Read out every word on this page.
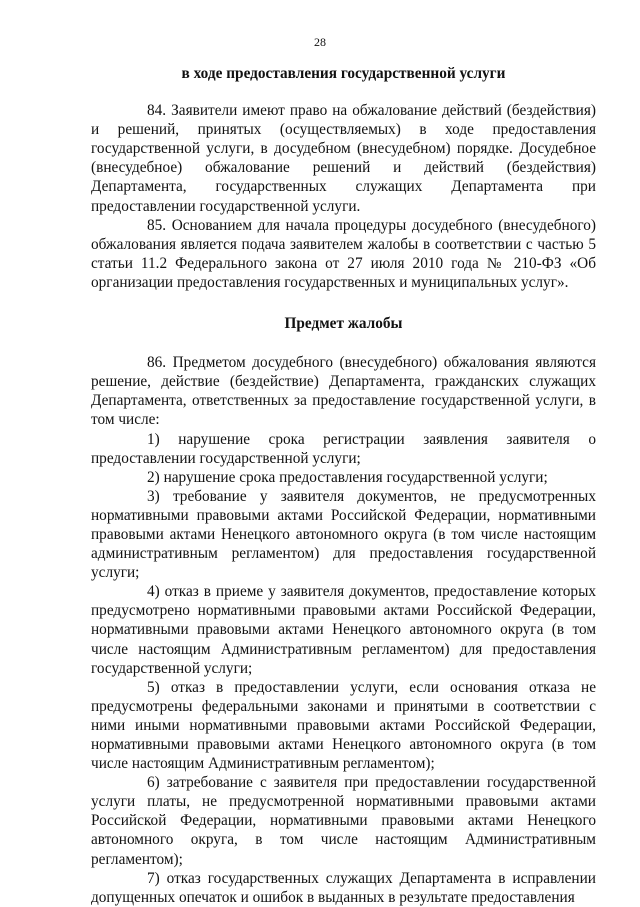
28

в ходе предоставления государственной услуги

84. Заявители имеют право на обжалование действий (бездействия) и решений, принятых (осуществляемых) в ходе предоставления государственной услуги, в досудебном (внесудебном) порядке. Досудебное (внесудебное) обжалование решений и действий (бездействия) Департамента, государственных служащих Департамента при предоставлении государственной услуги.

85. Основанием для начала процедуры досудебного (внесудебного) обжалования является подача заявителем жалобы в соответствии с частью 5 статьи 11.2 Федерального закона от 27 июля 2010 года № 210-ФЗ «Об организации предоставления государственных и муниципальных услуг».

Предмет жалобы

86. Предметом досудебного (внесудебного) обжалования являются решение, действие (бездействие) Департамента, гражданских служащих Департамента, ответственных за предоставление государственной услуги, в том числе:

1) нарушение срока регистрации заявления заявителя о предоставлении государственной услуги;

2) нарушение срока предоставления государственной услуги;

3) требование у заявителя документов, не предусмотренных нормативными правовыми актами Российской Федерации, нормативными правовыми актами Ненецкого автономного округа (в том числе настоящим административным регламентом) для предоставления государственной услуги;

4) отказ в приеме у заявителя документов, предоставление которых предусмотрено нормативными правовыми актами Российской Федерации, нормативными правовыми актами Ненецкого автономного округа (в том числе настоящим Административным регламентом) для предоставления государственной услуги;

5) отказ в предоставлении услуги, если основания отказа не предусмотрены федеральными законами и принятыми в соответствии с ними иными нормативными правовыми актами Российской Федерации, нормативными правовыми актами Ненецкого автономного округа (в том числе настоящим Административным регламентом);

6) затребование с заявителя при предоставлении государственной услуги платы, не предусмотренной нормативными правовыми актами Российской Федерации, нормативными правовыми актами Ненецкого автономного округа, в том числе настоящим Административным регламентом);

7) отказ государственных служащих Департамента в исправлении допущенных опечаток и ошибок в выданных в результате предоставления
